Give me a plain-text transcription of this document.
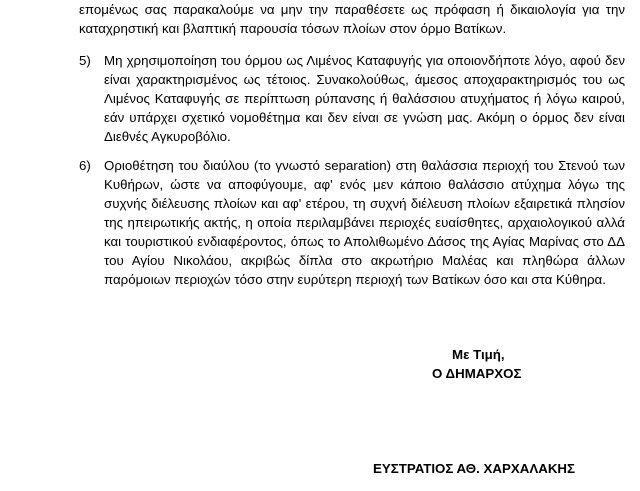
επομένως σας παρακαλούμε να μην την παραθέσετε ως πρόφαση ή δικαιολογία για την καταχρηστική και βλαπτική παρουσία τόσων πλοίων στον όρμο Βατίκων.
5) Μη χρησιμοποίηση του όρμου ως Λιμένος Καταφυγής για οποιονδήποτε λόγο, αφού δεν είναι χαρακτηρισμένος ως τέτοιος. Συνακολούθως, άμεσος αποχαρακτηρισμός του ως Λιμένος Καταφυγής σε περίπτωση ρύπανσης ή θαλάσσιου ατυχήματος ή λόγω καιρού, εάν υπάρχει σχετικό νομοθέτημα και δεν είναι σε γνώση μας. Ακόμη ο όρμος δεν είναι Διεθνές Αγκυροβόλιο.
6) Οριοθέτηση του διαύλου (το γνωστό separation) στη θαλάσσια περιοχή του Στενού των Κυθήρων, ώστε να αποφύγουμε, αφ' ενός μεν κάποιο θαλάσσιο ατύχημα λόγω της συχνής διέλευσης πλοίων και αφ' ετέρου, τη συχνή διέλευση πλοίων εξαιρετικά πλησίον της ηπειρωτικής ακτής, η οποία περιλαμβάνει περιοχές ευαίσθητες, αρχαιολογικού αλλά και τουριστικού ενδιαφέροντος, όπως το Απολιθωμένο Δάσος της Αγίας Μαρίνας στο ΔΔ του Αγίου Νικολάου, ακριβώς δίπλα στο ακρωτήριο Μαλέας και πληθώρα άλλων παρόμοιων περιοχών τόσο στην ευρύτερη περιοχή των Βατίκων όσο και στα Κύθηρα.
Με Τιμή,
Ο ΔΗΜΑΡΧΟΣ
ΕΥΣΤΡΑΤΙΟΣ ΑΘ. ΧΑΡΧΑΛΑΚΗΣ
